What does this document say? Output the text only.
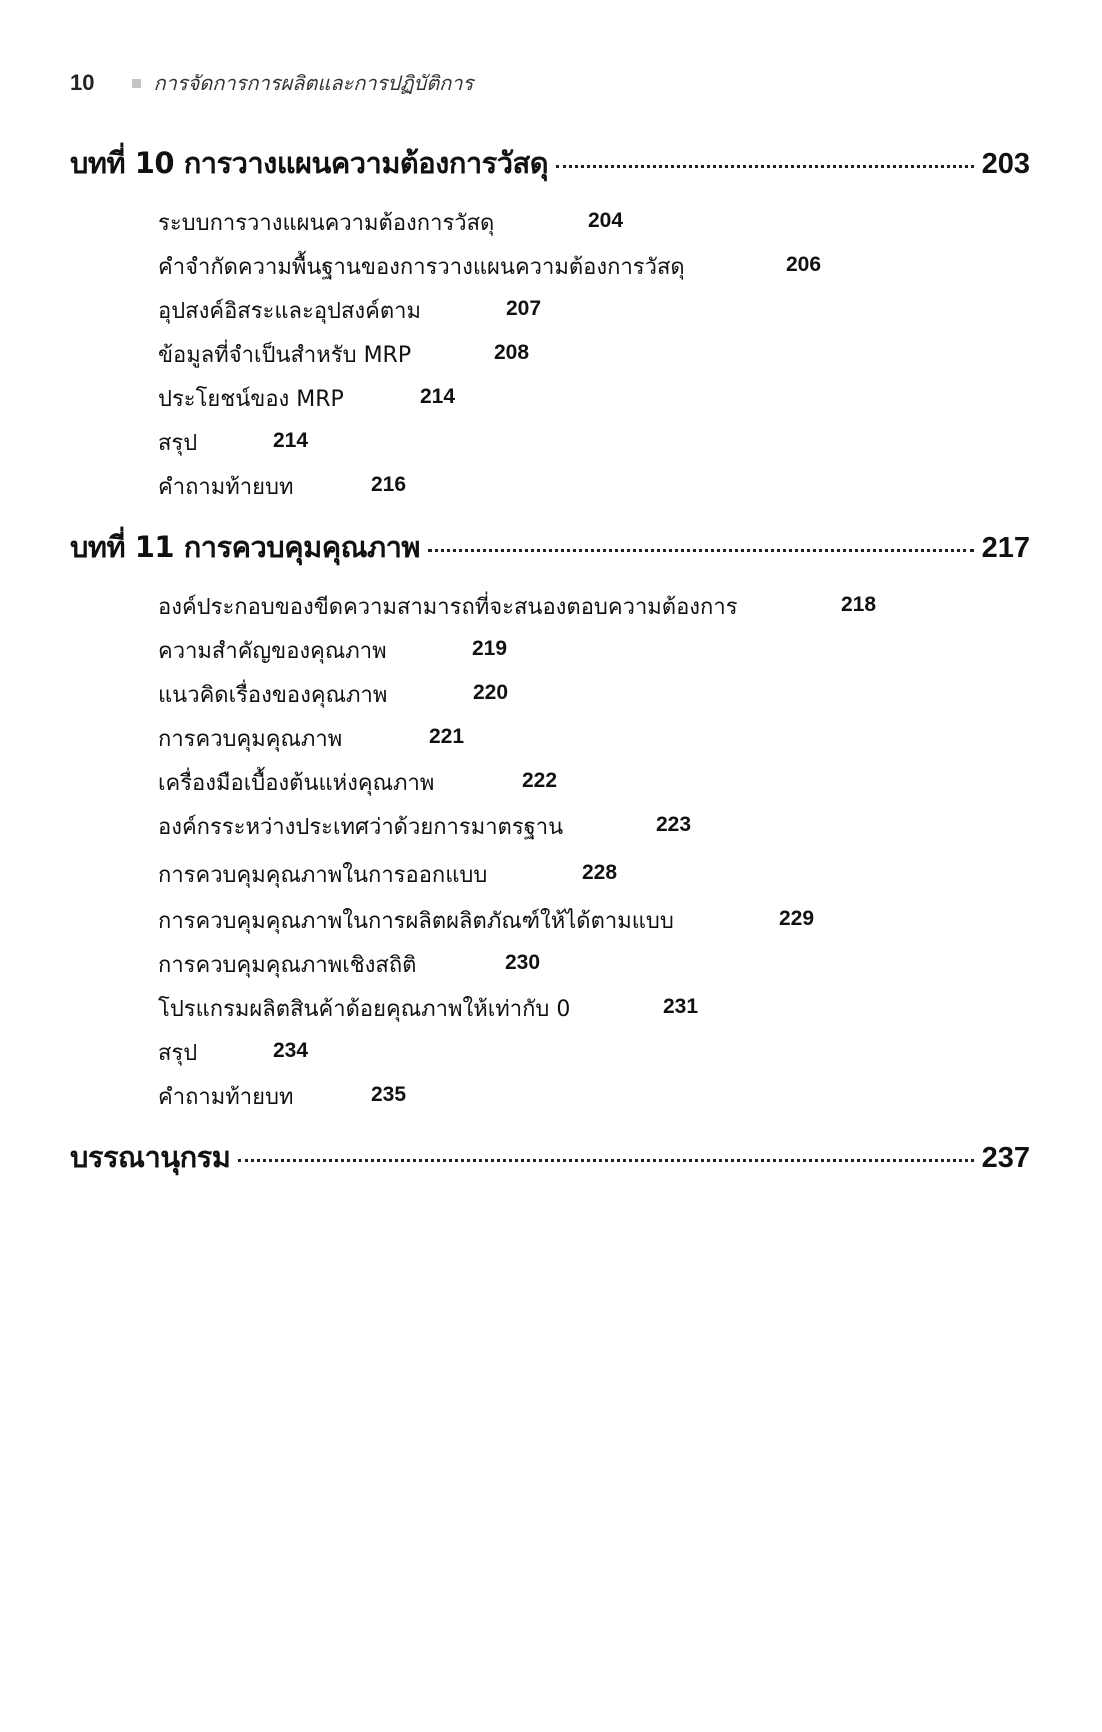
10	การจัดการการผลิตและการปฏิบัติการ
บทที่ 10 การวางแผนความต้องการวัสดุ	203
ระบบการวางแผนความต้องการวัสดุ	204
คำจำกัดความพื้นฐานของการวางแผนความต้องการวัสดุ	206
อุปสงค์อิสระและอุปสงค์ตาม	207
ข้อมูลที่จำเป็นสำหรับ MRP	208
ประโยชน์ของ MRP	214
สรุป	214
คำถามท้ายบท	216
บทที่ 11 การควบคุมคุณภาพ	217
องค์ประกอบของขีดความสามารถที่จะสนองตอบความต้องการ	218
ความสำคัญของคุณภาพ	219
แนวคิดเรื่องของคุณภาพ	220
การควบคุมคุณภาพ	221
เครื่องมือเบื้องต้นแห่งคุณภาพ	222
องค์กรระหว่างประเทศว่าด้วยการมาตรฐาน	223
การควบคุมคุณภาพในการออกแบบ	228
การควบคุมคุณภาพในการผลิตผลิตภัณฑ์ให้ได้ตามแบบ	229
การควบคุมคุณภาพเชิงสถิติ	230
โปรแกรมผลิตสินค้าด้อยคุณภาพให้เท่ากับ 0	231
สรุป	234
คำถามท้ายบท	235
บรรณานุกรม	237
